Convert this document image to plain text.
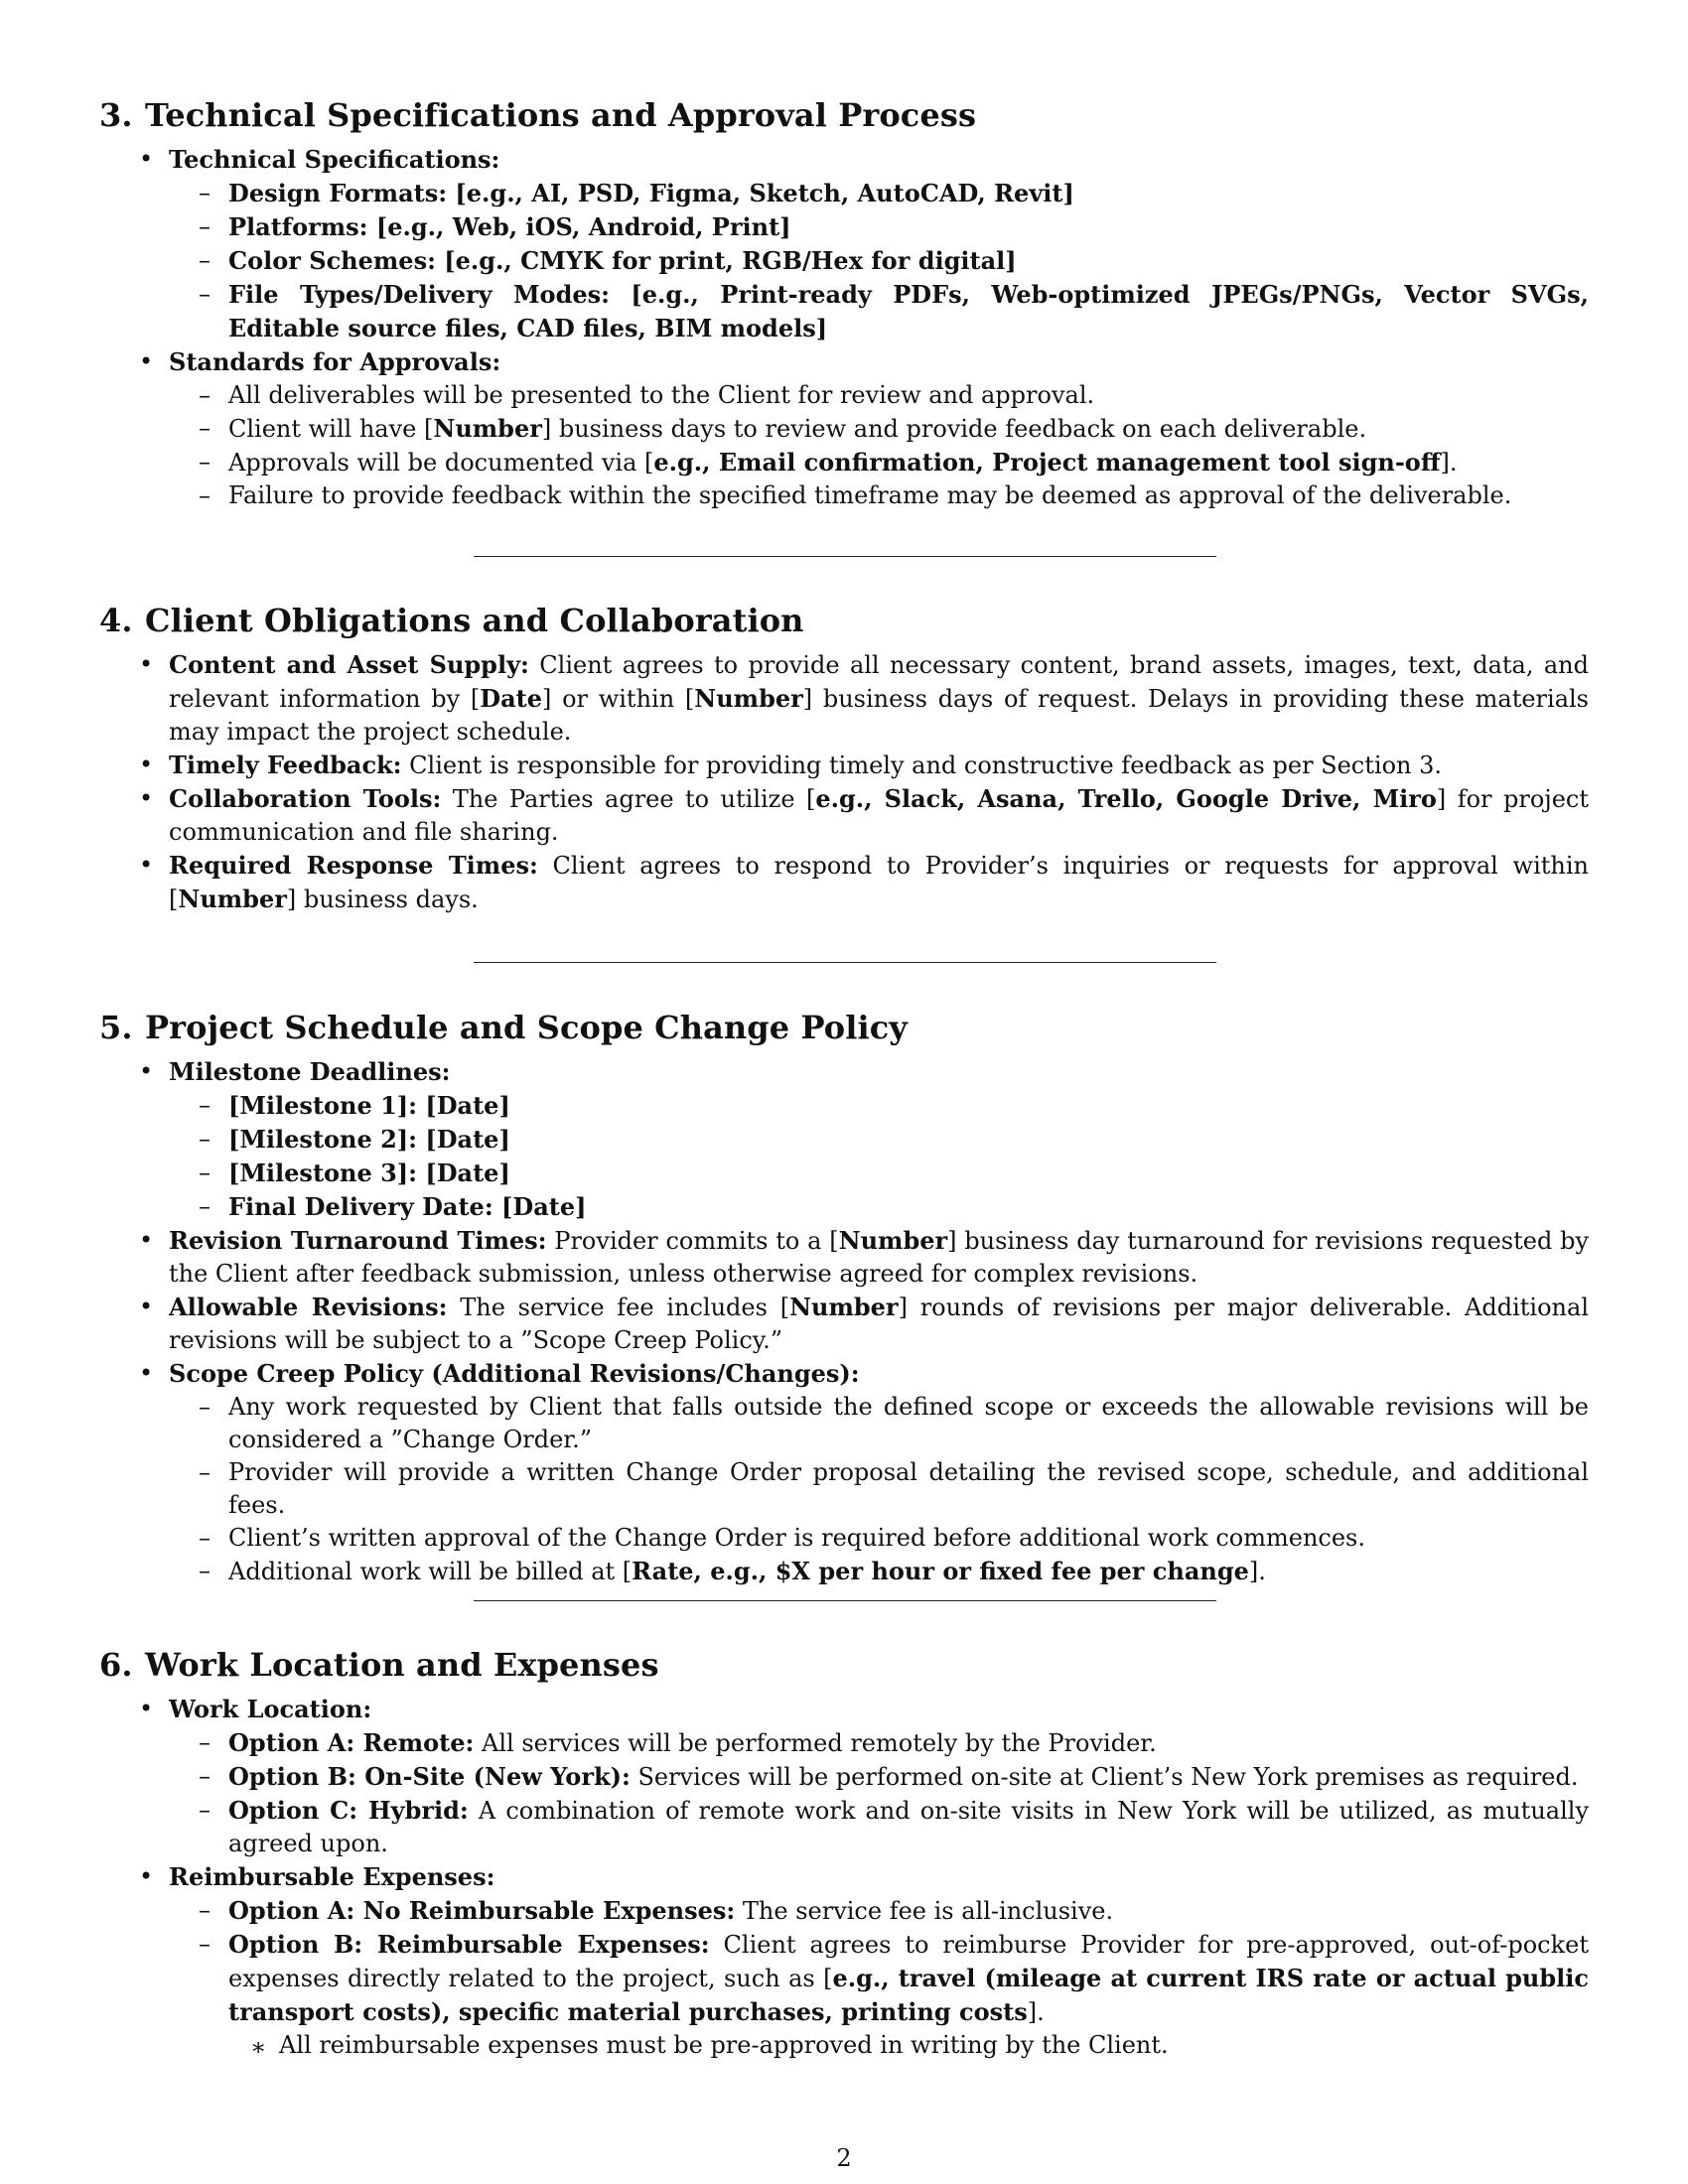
3. Technical Specifications and Approval Process
• Technical Specifications:
– Design Formats: [e.g., AI, PSD, Figma, Sketch, AutoCAD, Revit]
– Platforms: [e.g., Web, iOS, Android, Print]
– Color Schemes: [e.g., CMYK for print, RGB/Hex for digital]
– File Types/Delivery Modes: [e.g., Print-ready PDFs, Web-optimized JPEGs/PNGs, Vector SVGs, Editable source files, CAD files, BIM models]
• Standards for Approvals:
– All deliverables will be presented to the Client for review and approval.
– Client will have [Number] business days to review and provide feedback on each deliverable.
– Approvals will be documented via [e.g., Email confirmation, Project management tool sign-off].
– Failure to provide feedback within the specified timeframe may be deemed as approval of the deliverable.
4. Client Obligations and Collaboration
• Content and Asset Supply: Client agrees to provide all necessary content, brand assets, images, text, data, and relevant information by [Date] or within [Number] business days of request. Delays in providing these materials may impact the project schedule.
• Timely Feedback: Client is responsible for providing timely and constructive feedback as per Section 3.
• Collaboration Tools: The Parties agree to utilize [e.g., Slack, Asana, Trello, Google Drive, Miro] for project communication and file sharing.
• Required Response Times: Client agrees to respond to Provider’s inquiries or requests for approval within [Number] business days.
5. Project Schedule and Scope Change Policy
• Milestone Deadlines:
– [Milestone 1]: [Date]
– [Milestone 2]: [Date]
– [Milestone 3]: [Date]
– Final Delivery Date: [Date]
• Revision Turnaround Times: Provider commits to a [Number] business day turnaround for revisions requested by the Client after feedback submission, unless otherwise agreed for complex revisions.
• Allowable Revisions: The service fee includes [Number] rounds of revisions per major deliverable. Additional revisions will be subject to a ”Scope Creep Policy.”
• Scope Creep Policy (Additional Revisions/Changes):
– Any work requested by Client that falls outside the defined scope or exceeds the allowable revisions will be considered a ”Change Order.”
– Provider will provide a written Change Order proposal detailing the revised scope, schedule, and additional fees.
– Client’s written approval of the Change Order is required before additional work commences.
– Additional work will be billed at [Rate, e.g., $X per hour or fixed fee per change].
6. Work Location and Expenses
• Work Location:
– Option A: Remote: All services will be performed remotely by the Provider.
– Option B: On-Site (New York): Services will be performed on-site at Client’s New York premises as required.
– Option C: Hybrid: A combination of remote work and on-site visits in New York will be utilized, as mutually agreed upon.
• Reimbursable Expenses:
– Option A: No Reimbursable Expenses: The service fee is all-inclusive.
– Option B: Reimbursable Expenses: Client agrees to reimburse Provider for pre-approved, out-of-pocket expenses directly related to the project, such as [e.g., travel (mileage at current IRS rate or actual public transport costs), specific material purchases, printing costs].
∗ All reimbursable expenses must be pre-approved in writing by the Client.
2
